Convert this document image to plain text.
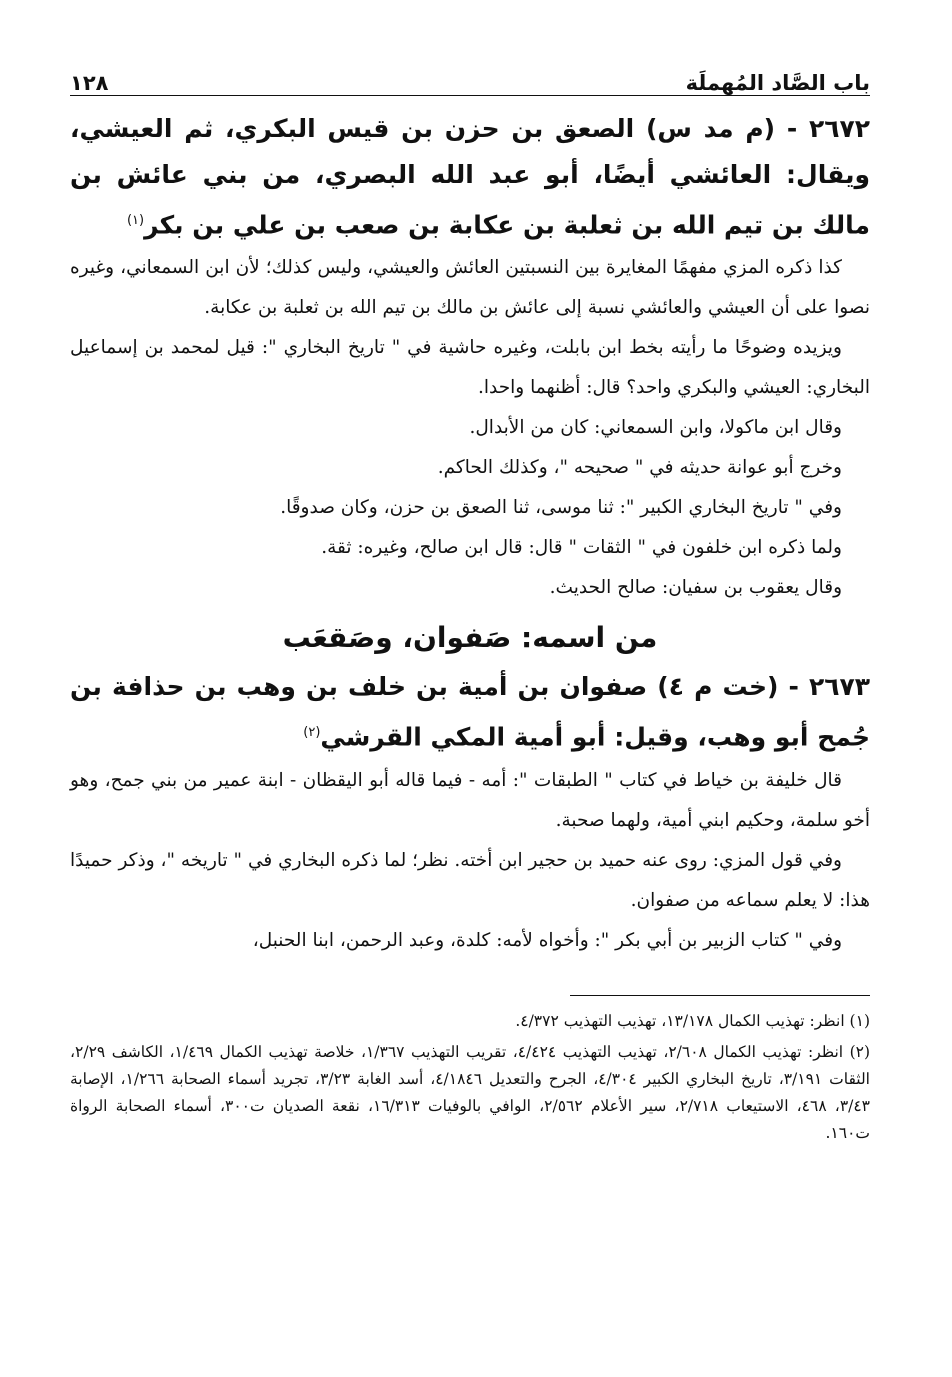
باب الصَّاد المُهملَة
١٢٨

٢٦٧٢ - (م مد س) الصعق بن حزن بن قيس البكري، ثم العيشي، ويقال: العائشي أيضًا، أبو عبد الله البصري، من بني عائش بن مالك بن تيم الله بن ثعلبة بن عكابة بن صعب بن علي بن بكر$^{(١)}$

كذا ذكره المزي مفهمًا المغايرة بين النسبتين العائش والعيشي، وليس كذلك؛ لأن ابن السمعاني، وغيره نصوا على أن العيشي والعائشي نسبة إلى عائش بن مالك بن تيم الله بن ثعلبة بن عكابة.

ويزيده وضوحًا ما رأيته بخط ابن بابلت، وغيره حاشية في " تاريخ البخاري ": قيل لمحمد بن إسماعيل البخاري: العيشي والبكري واحد؟ قال: أظنهما واحدا.

وقال ابن ماكولا، وابن السمعاني: كان من الأبدال.

وخرج أبو عوانة حديثه في " صحيحه "، وكذلك الحاكم.

وفي " تاريخ البخاري الكبير ": ثنا موسى، ثنا الصعق بن حزن، وكان صدوقًا.

ولما ذكره ابن خلفون في " الثقات " قال: قال ابن صالح، وغيره: ثقة.

وقال يعقوب بن سفيان: صالح الحديث.

من اسمه: صَفوان، وصَقعَب

٢٦٧٣ - (خت م ٤) صفوان بن أمية بن خلف بن وهب بن حذافة بن جُمح أبو وهب، وقيل: أبو أمية المكي القرشي$^{(٢)}$

قال خليفة بن خياط في كتاب " الطبقات ": أمه - فيما قاله أبو اليقظان - ابنة عمير من بني جمح، وهو أخو سلمة، وحكيم ابني أمية، ولهما صحبة.

وفي قول المزي: روى عنه حميد بن حجير ابن أخته. نظر؛ لما ذكره البخاري في " تاريخه "، وذكر حميدًا هذا: لا يعلم سماعه من صفوان.

وفي " كتاب الزبير بن أبي بكر ": وأخواه لأمه: كلدة، وعبد الرحمن، ابنا الحنبل،

(١) انظر: تهذيب الكمال ١٣/١٧٨، تهذيب التهذيب ٤/٣٧٢.

(٢) انظر: تهذيب الكمال ٢/٦٠٨، تهذيب التهذيب ٤/٤٢٤، تقريب التهذيب ١/٣٦٧، خلاصة تهذيب الكمال ١/٤٦٩، الكاشف ٢/٢٩، الثقات ٣/١٩١، تاريخ البخاري الكبير ٤/٣٠٤، الجرح والتعديل ٤/١٨٤٦، أسد الغابة ٣/٢٣، تجريد أسماء الصحابة ١/٢٦٦، الإصابة ٣/٤٣، ٤٦٨، الاستيعاب ٢/٧١٨، سير الأعلام ٢/٥٦٢، الوافي بالوفيات ١٦/٣١٣، نقعة الصديان ت٣٠٠، أسماء الصحابة الرواة ت١٦٠.
